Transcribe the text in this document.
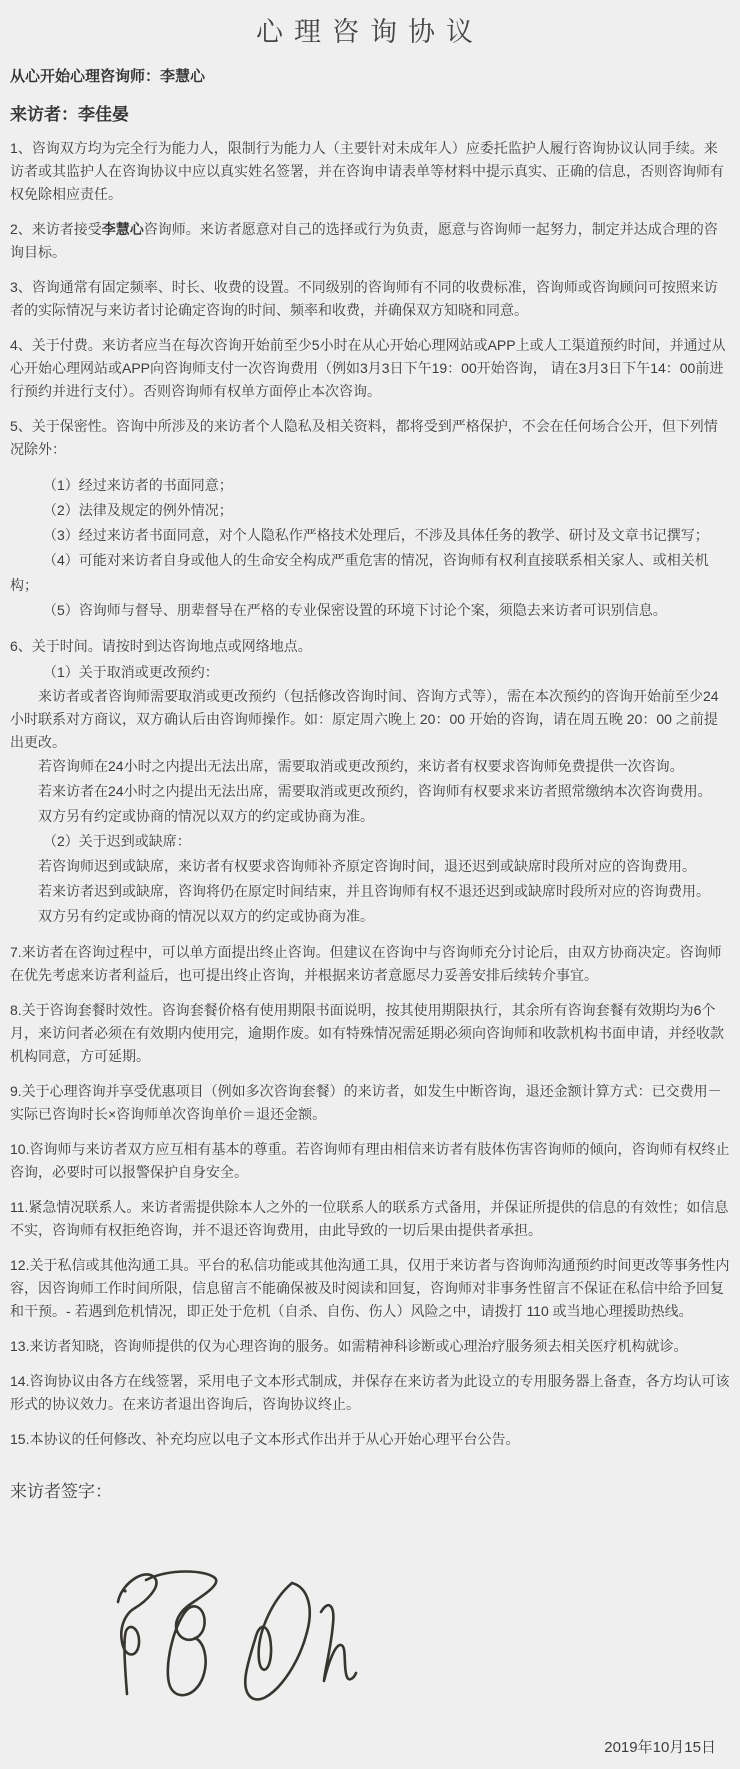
心理咨询协议
从心开始心理咨询师：李慧心
来访者：李佳晏

1、咨询双方均为完全行为能力人，限制行为能力人（主要针对未成年人）应委托监护人履行咨询协议认同手续。来访者或其监护人在咨询协议中应以真实姓名签署，并在咨询申请表单等材料中提示真实、正确的信息，否则咨询师有权免除相应责任。

2、来访者接受李慧心咨询师。来访者愿意对自己的选择或行为负责，愿意与咨询师一起努力，制定并达成合理的咨询目标。

3、咨询通常有固定频率、时长、收费的设置。不同级别的咨询师有不同的收费标准，咨询师或咨询顾问可按照来访者的实际情况与来访者讨论确定咨询的时间、频率和收费，并确保双方知晓和同意。

4、关于付费。来访者应当在每次咨询开始前至少5小时在从心开始心理网站或APP上或人工渠道预约时间，并通过从心开始心理网站或APP向咨询师支付一次咨询费用（例如3月3日下午19：00开始咨询， 请在3月3日下午14：00前进行预约并进行支付）。否则咨询师有权单方面停止本次咨询。

5、关于保密性。咨询中所涉及的来访者个人隐私及相关资料，都将受到严格保护，不会在任何场合公开，但下列情况除外：

（1）经过来访者的书面同意；

（2）法律及规定的例外情况；

（3）经过来访者书面同意，对个人隐私作严格技术处理后，不涉及具体任务的教学、研讨及文章书记撰写；

（4）可能对来访者自身或他人的生命安全构成严重危害的情况，咨询师有权利直接联系相关家人、或相关机构；

（5）咨询师与督导、朋辈督导在严格的专业保密设置的环境下讨论个案，须隐去来访者可识别信息。

6、关于时间。请按时到达咨询地点或网络地点。

（1）关于取消或更改预约：

来访者或者咨询师需要取消或更改预约（包括修改咨询时间、咨询方式等），需在本次预约的咨询开始前至少24小时联系对方商议，双方确认后由咨询师操作。如：原定周六晚上 20：00 开始的咨询，请在周五晚 20：00 之前提出更改。

若咨询师在24小时之内提出无法出席，需要取消或更改预约，来访者有权要求咨询师免费提供一次咨询。

若来访者在24小时之内提出无法出席，需要取消或更改预约，咨询师有权要求来访者照常缴纳本次咨询费用。

双方另有约定或协商的情况以双方的约定或协商为准。

（2）关于迟到或缺席：

若咨询师迟到或缺席，来访者有权要求咨询师补齐原定咨询时间，退还迟到或缺席时段所对应的咨询费用。

若来访者迟到或缺席，咨询将仍在原定时间结束，并且咨询师有权不退还迟到或缺席时段所对应的咨询费用。

双方另有约定或协商的情况以双方的约定或协商为准。

7.来访者在咨询过程中，可以单方面提出终止咨询。但建议在咨询中与咨询师充分讨论后，由双方协商决定。咨询师在优先考虑来访者利益后，也可提出终止咨询，并根据来访者意愿尽力妥善安排后续转介事宜。

8.关于咨询套餐时效性。咨询套餐价格有使用期限书面说明，按其使用期限执行，其余所有咨询套餐有效期均为6个月，来访问者必须在有效期内使用完，逾期作废。如有特殊情况需延期必须向咨询师和收款机构书面申请，并经收款机构同意，方可延期。

9.关于心理咨询并享受优惠项目（例如多次咨询套餐）的来访者，如发生中断咨询，退还金额计算方式：已交费用－实际已咨询时长×咨询师单次咨询单价＝退还金额。

10.咨询师与来访者双方应互相有基本的尊重。若咨询师有理由相信来访者有肢体伤害咨询师的倾向，咨询师有权终止咨询，必要时可以报警保护自身安全。

11.紧急情况联系人。来访者需提供除本人之外的一位联系人的联系方式备用，并保证所提供的信息的有效性；如信息不实，咨询师有权拒绝咨询，并不退还咨询费用，由此导致的一切后果由提供者承担。

12.关于私信或其他沟通工具。平台的私信功能或其他沟通工具，仅用于来访者与咨询师沟通预约时间更改等事务性内容，因咨询师工作时间所限，信息留言不能确保被及时阅读和回复，咨询师对非事务性留言不保证在私信中给予回复和干预。- 若遇到危机情况，即正处于危机（自杀、自伤、伤人）风险之中，请拨打 110 或当地心理援助热线。

13.来访者知晓，咨询师提供的仅为心理咨询的服务。如需精神科诊断或心理治疗服务须去相关医疗机构就诊。

14.咨询协议由各方在线签署，采用电子文本形式制成，并保存在来访者为此设立的专用服务器上备查，各方均认可该形式的协议效力。在来访者退出咨询后，咨询协议终止。

15.本协议的任何修改、补充均应以电子文本形式作出并于从心开始心理平台公告。

来访者签字：
2019年10月15日
